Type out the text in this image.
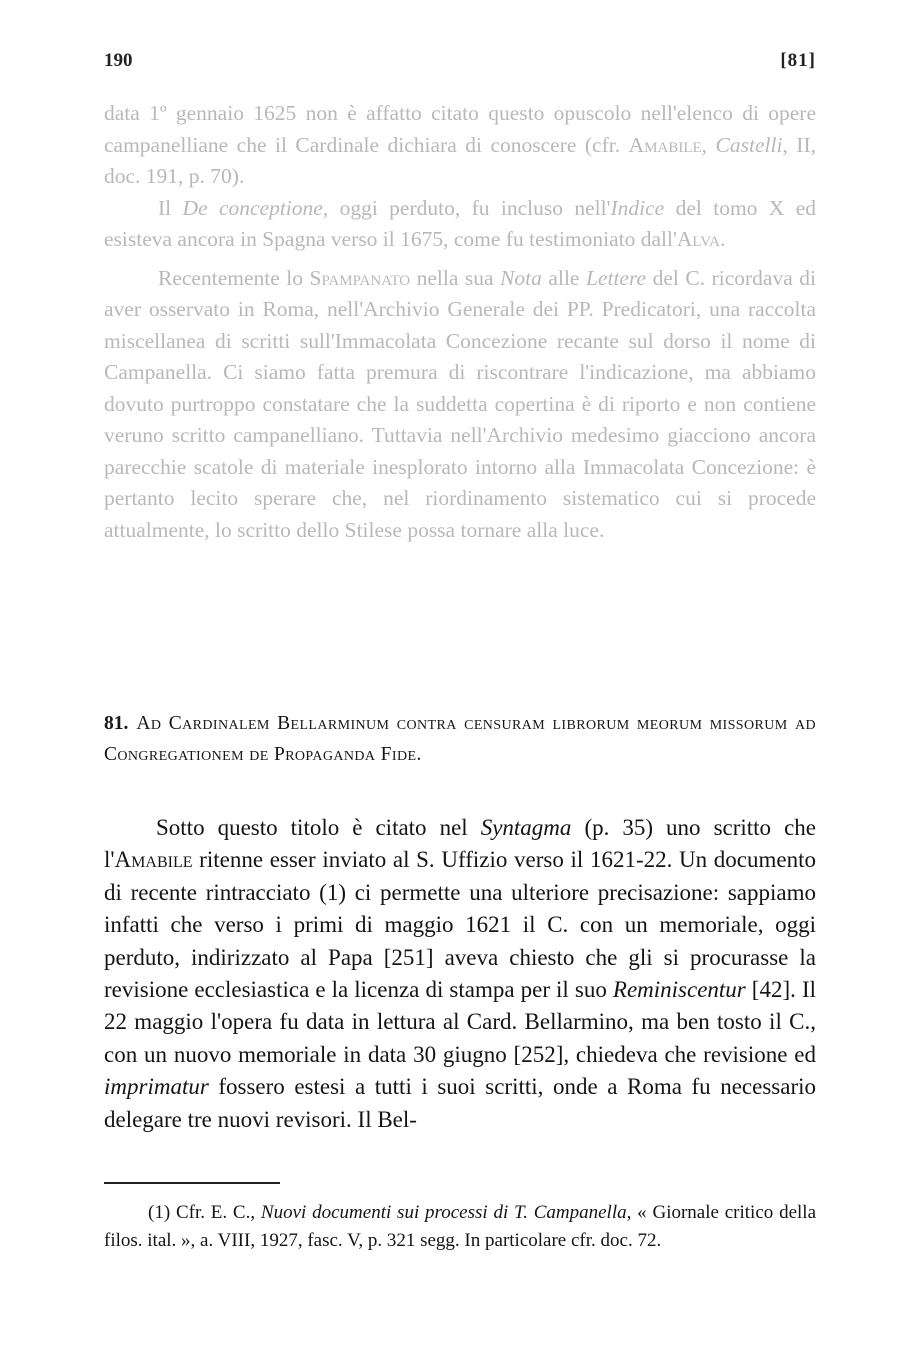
190	[81]

data 1º gennaio 1625 non è affatto citato questo opuscolo nell'elenco di opere campanelliane che il Cardinale dichiara di conoscere (cfr. Amabile, Castelli, II, doc. 191, p. 70).

Il De conceptione, oggi perduto, fu incluso nell'Indice del tomo X ed esisteva ancora in Spagna verso il 1675, come fu testimoniato dall'Alva.

Recentemente lo Spampanato nella sua Nota alle Lettere del C. ricordava di aver osservato in Roma, nell'Archivio Generale dei PP. Predicatori, una raccolta miscellanea di scritti sull'Immacolata Concezione recante sul dorso il nome di Campanella. Ci siamo fatta premura di riscontrare l'indicazione, ma abbiamo dovuto purtroppo constatare che la suddetta copertina è di riporto e non contiene veruno scritto campanelliano. Tuttavia nell'Archivio medesimo giacciono ancora parecchie scatole di materiale inesplorato intorno alla Immacolata Concezione: è pertanto lecito sperare che, nel riordinamento sistematico cui si procede attualmente, lo scritto dello Stilese possa tornare alla luce.

81. Ad Cardinalem Bellarminum contra censuram librorum meorum missorum ad Congregationem de Propaganda Fide.

Sotto questo titolo è citato nel Syntagma (p. 35) uno scritto che l'Amabile ritenne esser inviato al S. Uffizio verso il 1621-22. Un documento di recente rintracciato (1) ci permette una ulteriore precisazione: sappiamo infatti che verso i primi di maggio 1621 il C. con un memoriale, oggi perduto, indirizzato al Papa [251] aveva chiesto che gli si procurasse la revisione ecclesiastica e la licenza di stampa per il suo Reminiscentur [42]. Il 22 maggio l'opera fu data in lettura al Card. Bellarmino, ma ben tosto il C., con un nuovo memoriale in data 30 giugno [252], chiedeva che revisione ed imprimatur fossero estesi a tutti i suoi scritti, onde a Roma fu necessario delegare tre nuovi revisori. Il Bel-

(1) Cfr. E. C., Nuovi documenti sui processi di T. Campanella, « Giornale critico della filos. ital. », a. VIII, 1927, fasc. V, p. 321 segg. In particolare cfr. doc. 72.
